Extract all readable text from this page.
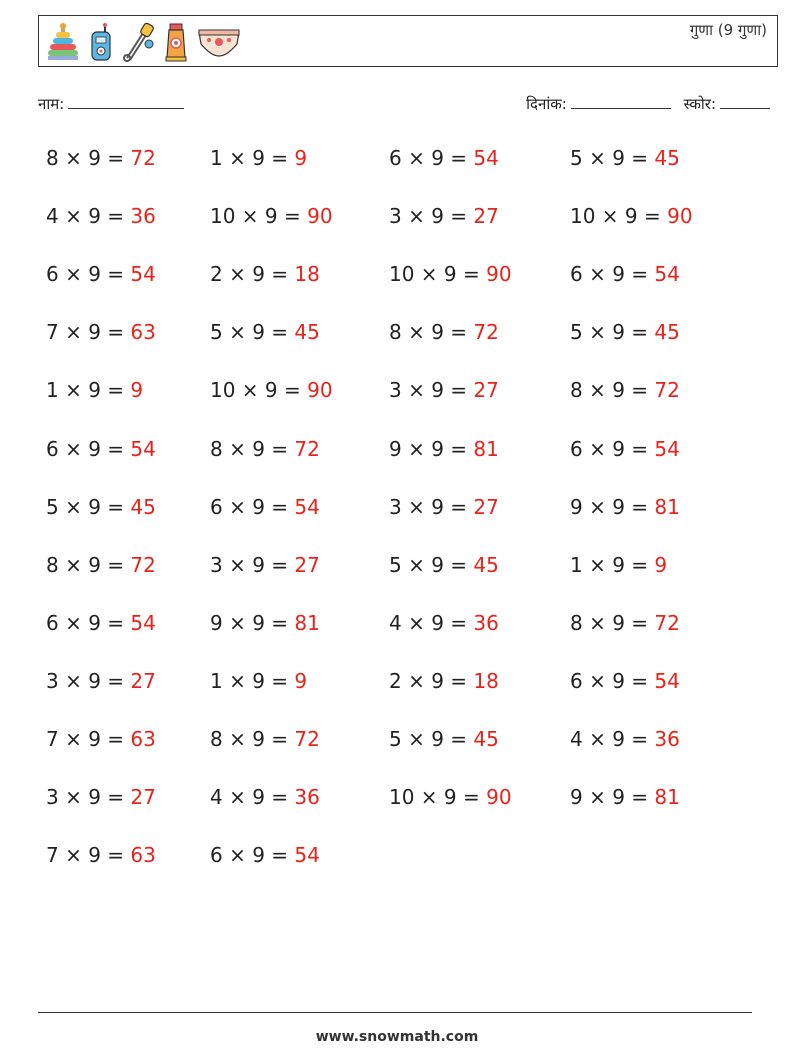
गुणा (9 गुणा)
नाम:	दिनांक:	स्कोर:
8 × 9 = 72	1 × 9 = 9	6 × 9 = 54	5 × 9 = 45
4 × 9 = 36	10 × 9 = 90	3 × 9 = 27	10 × 9 = 90
6 × 9 = 54	2 × 9 = 18	10 × 9 = 90	6 × 9 = 54
7 × 9 = 63	5 × 9 = 45	8 × 9 = 72	5 × 9 = 45
1 × 9 = 9	10 × 9 = 90	3 × 9 = 27	8 × 9 = 72
6 × 9 = 54	8 × 9 = 72	9 × 9 = 81	6 × 9 = 54
5 × 9 = 45	6 × 9 = 54	3 × 9 = 27	9 × 9 = 81
8 × 9 = 72	3 × 9 = 27	5 × 9 = 45	1 × 9 = 9
6 × 9 = 54	9 × 9 = 81	4 × 9 = 36	8 × 9 = 72
3 × 9 = 27	1 × 9 = 9	2 × 9 = 18	6 × 9 = 54
7 × 9 = 63	8 × 9 = 72	5 × 9 = 45	4 × 9 = 36
3 × 9 = 27	4 × 9 = 36	10 × 9 = 90	9 × 9 = 81
7 × 9 = 63	6 × 9 = 54
www.snowmath.com
